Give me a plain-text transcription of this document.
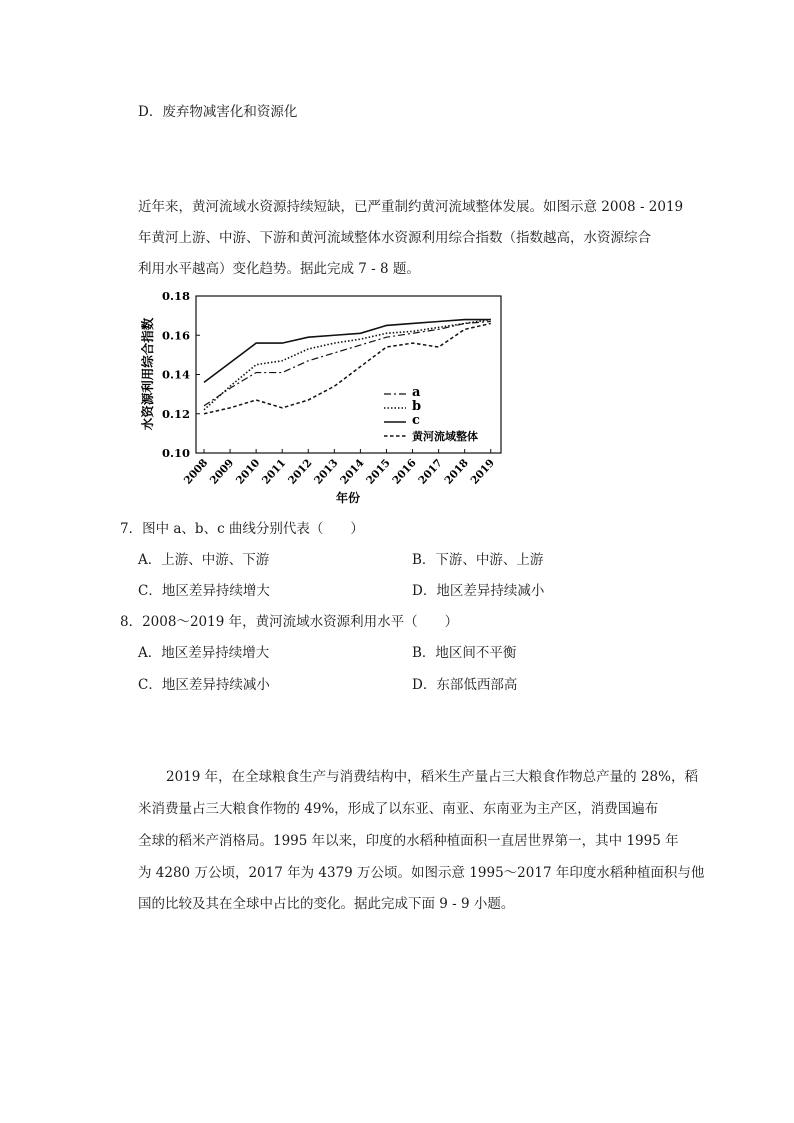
D．废弃物减害化和资源化
近年来，黄河流域水资源持续短缺，已严重制约黄河流域整体发展。如图示意 2008 - 2019
年黄河上游、中游、下游和黄河流域整体水资源利用综合指数（指数越高，水资源综合
利用水平越高）变化趋势。据此完成 7 - 8 题。
0.18
0.16
0.14
0.12
0.10
2008
2009
2010
2011
2012
2013
2014
2015
2016
2017
2018
2019
a
b
c
黄河流域整体
水资源利用综合指数
年份
7．图中 a、b、c 曲线分别代表（　　）
A．上游、中游、下游	B．下游、中游、上游
C．地区差异持续增大	D．地区差异持续减小
8．2008～2019 年，黄河流域水资源利用水平（　　）
A．地区差异持续增大	B．地区间不平衡
C．地区差异持续减小	D．东部低西部高
2019 年，在全球粮食生产与消费结构中，稻米生产量占三大粮食作物总产量的 28%，稻
米消费量占三大粮食作物的 49%，形成了以东亚、南亚、东南亚为主产区，消费国遍布
全球的稻米产消格局。1995 年以来，印度的水稻种植面积一直居世界第一，其中 1995 年
为 4280 万公顷，2017 年为 4379 万公顷。如图示意 1995～2017 年印度水稻种植面积与他
国的比较及其在全球中占比的变化。据此完成下面 9 - 9 小题。
